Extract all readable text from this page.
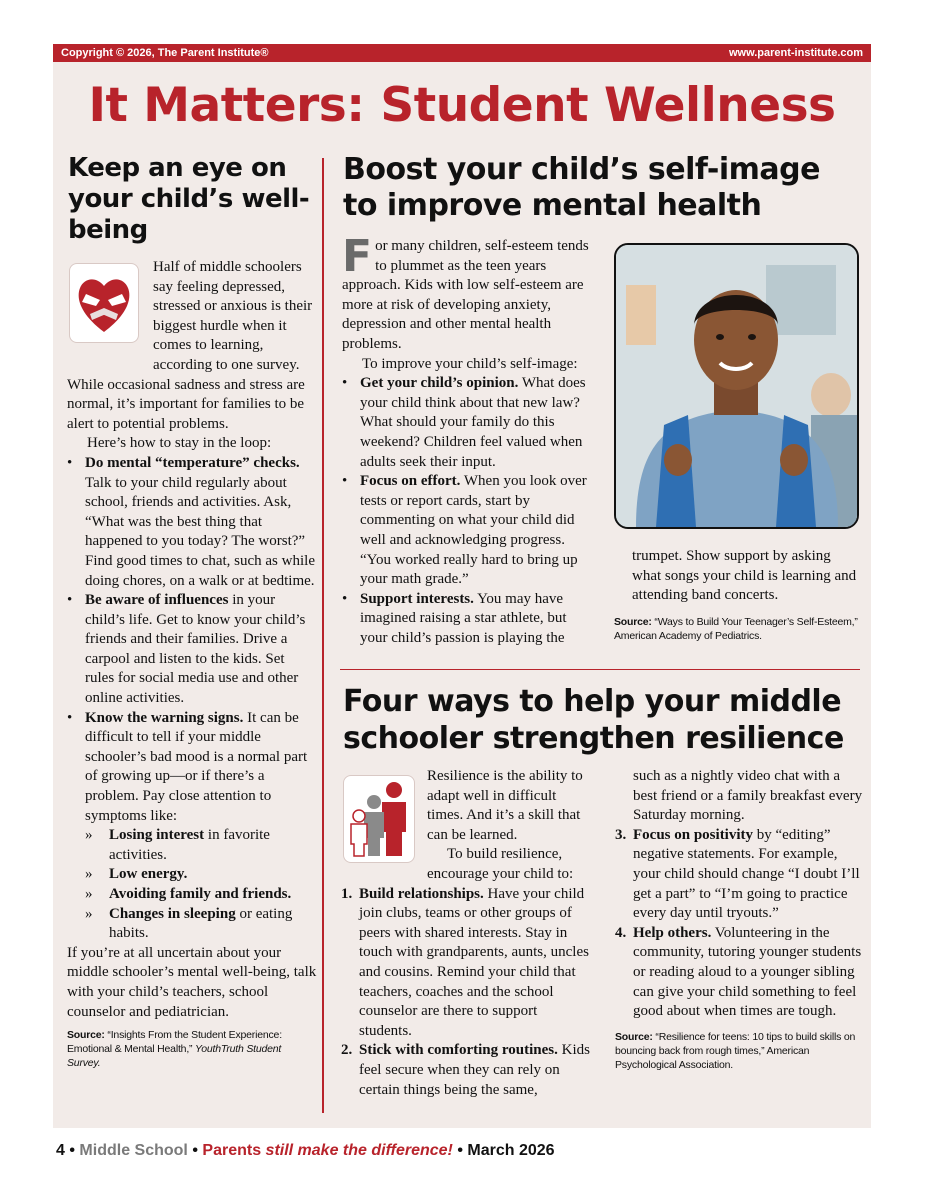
Copyright © 2026, The Parent Institute®	www.parent-institute.com
It Matters: Student Wellness
Keep an eye on your child’s well-being

Half of middle schoolers say feeling depressed, stressed or anxious is their biggest hurdle when it comes to learning, according to one survey. While occasional sadness and stress are normal, it’s important for families to be alert to potential problems.

Here’s how to stay in the loop:

• Do mental “temperature” checks. Talk to your child regularly about school, friends and activities. Ask, “What was the best thing that happened to you today? The worst?” Find good times to chat, such as while doing chores, on a walk or at bedtime.
• Be aware of influences in your child’s life. Get to know your child’s friends and their families. Drive a carpool and listen to the kids. Set rules for social media use and other online activities.
• Know the warning signs. It can be difficult to tell if your middle schooler’s bad mood is a normal part of growing up—or if there’s a problem. Pay close attention to symptoms like:
» Losing interest in favorite activities.
» Low energy.
» Avoiding family and friends.
» Changes in sleeping or eating habits.

If you’re at all uncertain about your middle schooler’s mental well-being, talk with your child’s teachers, school counselor and pediatrician.

Source: “Insights From the Student Experience: Emotional & Mental Health,” YouthTruth Student Survey.

Boost your child’s self-image to improve mental health

For many children, self-esteem tends to plummet as the teen years approach. Kids with low self-esteem are more at risk of developing anxiety, depression and other mental health problems.

To improve your child’s self-image:

• Get your child’s opinion. What does your child think about that new law? What should your family do this weekend? Children feel valued when adults seek their input.
• Focus on effort. When you look over tests or report cards, start by commenting on what your child did well and acknowledging progress. “You worked really hard to bring up your math grade.”
• Support interests. You may have imagined raising a star athlete, but your child’s passion is playing the

trumpet. Show support by asking what songs your child is learning and attending band concerts.

Source: “Ways to Build Your Teenager’s Self-Esteem,” American Academy of Pediatrics.
Four ways to help your middle schooler strengthen resilience

Resilience is the ability to adapt well in difficult times. And it’s a skill that can be learned.

To build resilience, encourage your child to:

1. Build relationships. Have your child join clubs, teams or other groups of peers with shared interests. Stay in touch with grandparents, aunts, uncles and cousins. Remind your child that teachers, coaches and the school counselor are there to support students.
2. Stick with comforting routines. Kids feel secure when they can rely on certain things being the same,

such as a nightly video chat with a best friend or a family breakfast every Saturday morning.

3. Focus on positivity by “editing” negative statements. For example, your child should change “I doubt I’ll get a part” to “I’m going to practice every day until tryouts.”
4. Help others. Volunteering in the community, tutoring younger students or reading aloud to a younger sibling can give your child something to feel good about when times are tough.

Source: “Resilience for teens: 10 tips to build skills on bouncing back from rough times,” American Psychological Association.

4 • Middle School • Parents still make the difference! • March 2026
